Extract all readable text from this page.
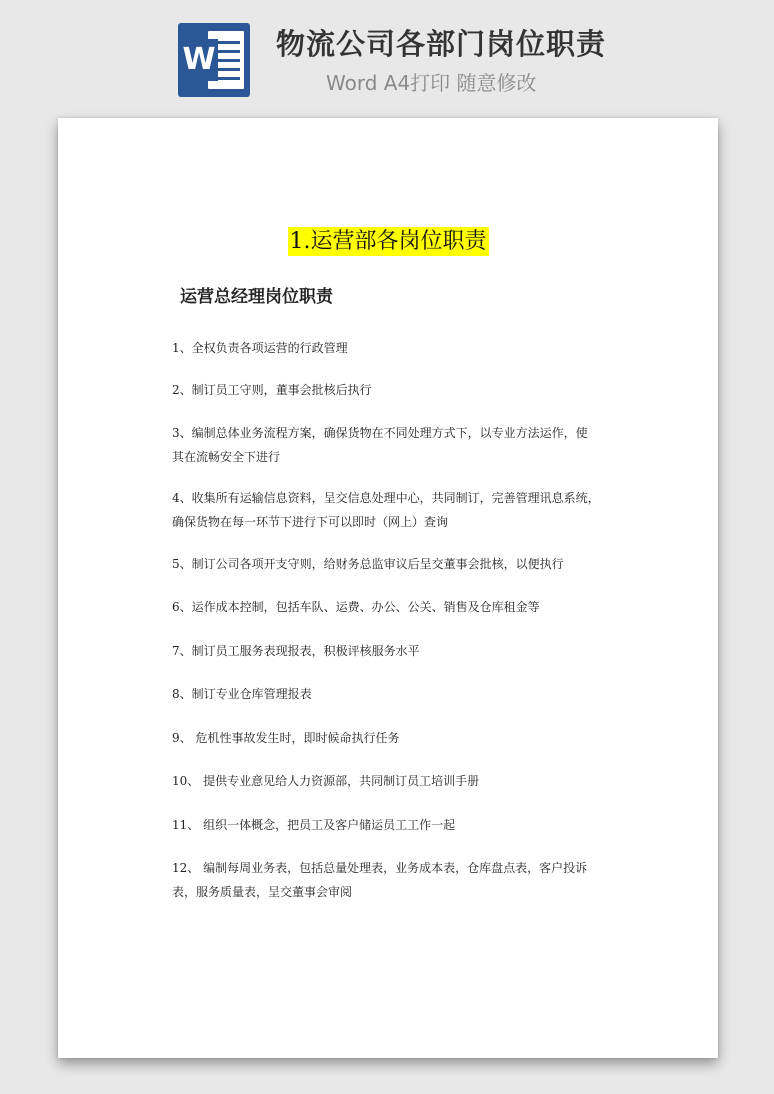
W 物流公司各部门岗位职责
Word A4打印 随意修改
1.运营部各岗位职责
运营总经理岗位职责
1、全权负责各项运营的行政管理
2、制订员工守则，董事会批核后执行
3、编制总体业务流程方案，确保货物在不同处理方式下，以专业方法运作，使
其在流畅安全下进行
4、收集所有运输信息资料，呈交信息处理中心，共同制订，完善管理讯息系统，
确保货物在每一环节下进行下可以即时（网上）查询
5、制订公司各项开支守则，给财务总监审议后呈交董事会批核，以便执行
6、运作成本控制，包括车队、运费、办公、公关、销售及仓库租金等
7、制订员工服务表现报表，积极评核服务水平
8、制订专业仓库管理报表
9、 危机性事故发生时，即时候命执行任务
10、 提供专业意见给人力资源部，共同制订员工培训手册
11、 组织一体概念，把员工及客户储运员工工作一起
12、 编制每周业务表，包括总量处理表，业务成本表，仓库盘点表，客户投诉
表，服务质量表，呈交董事会审阅
